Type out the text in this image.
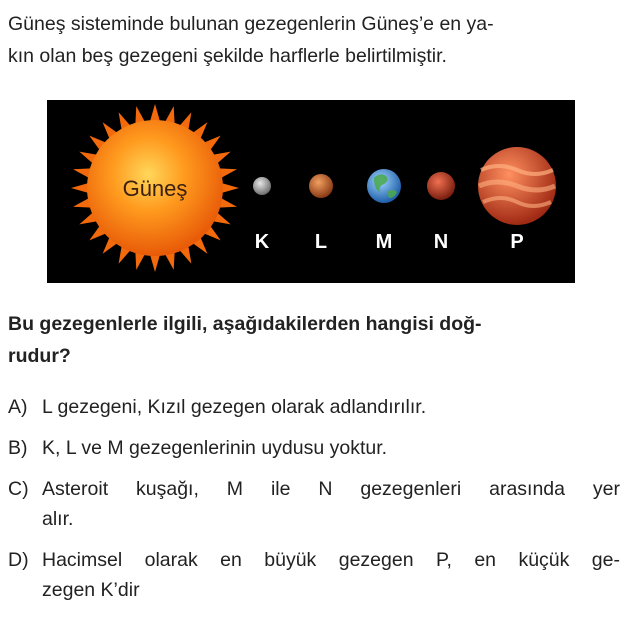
Güneş sisteminde bulunan gezegenlerin Güneş’e en ya-
kın olan beş gezegeni şekilde harflerle belirtilmiştir.
Güneş
K L M N	P
Bu gezegenlerle ilgili, aşağıdakilerden hangisi doğ-
rudur?
A) L gezegeni, Kızıl gezegen olarak adlandırılır.
B) K, L ve M gezegenlerinin uydusu yoktur.
C) Asteroit kuşağı, M ile N gezegenleri arasında yer
alır.
D) Hacimsel olarak en büyük gezegen P, en küçük ge-
zegen K’dir
